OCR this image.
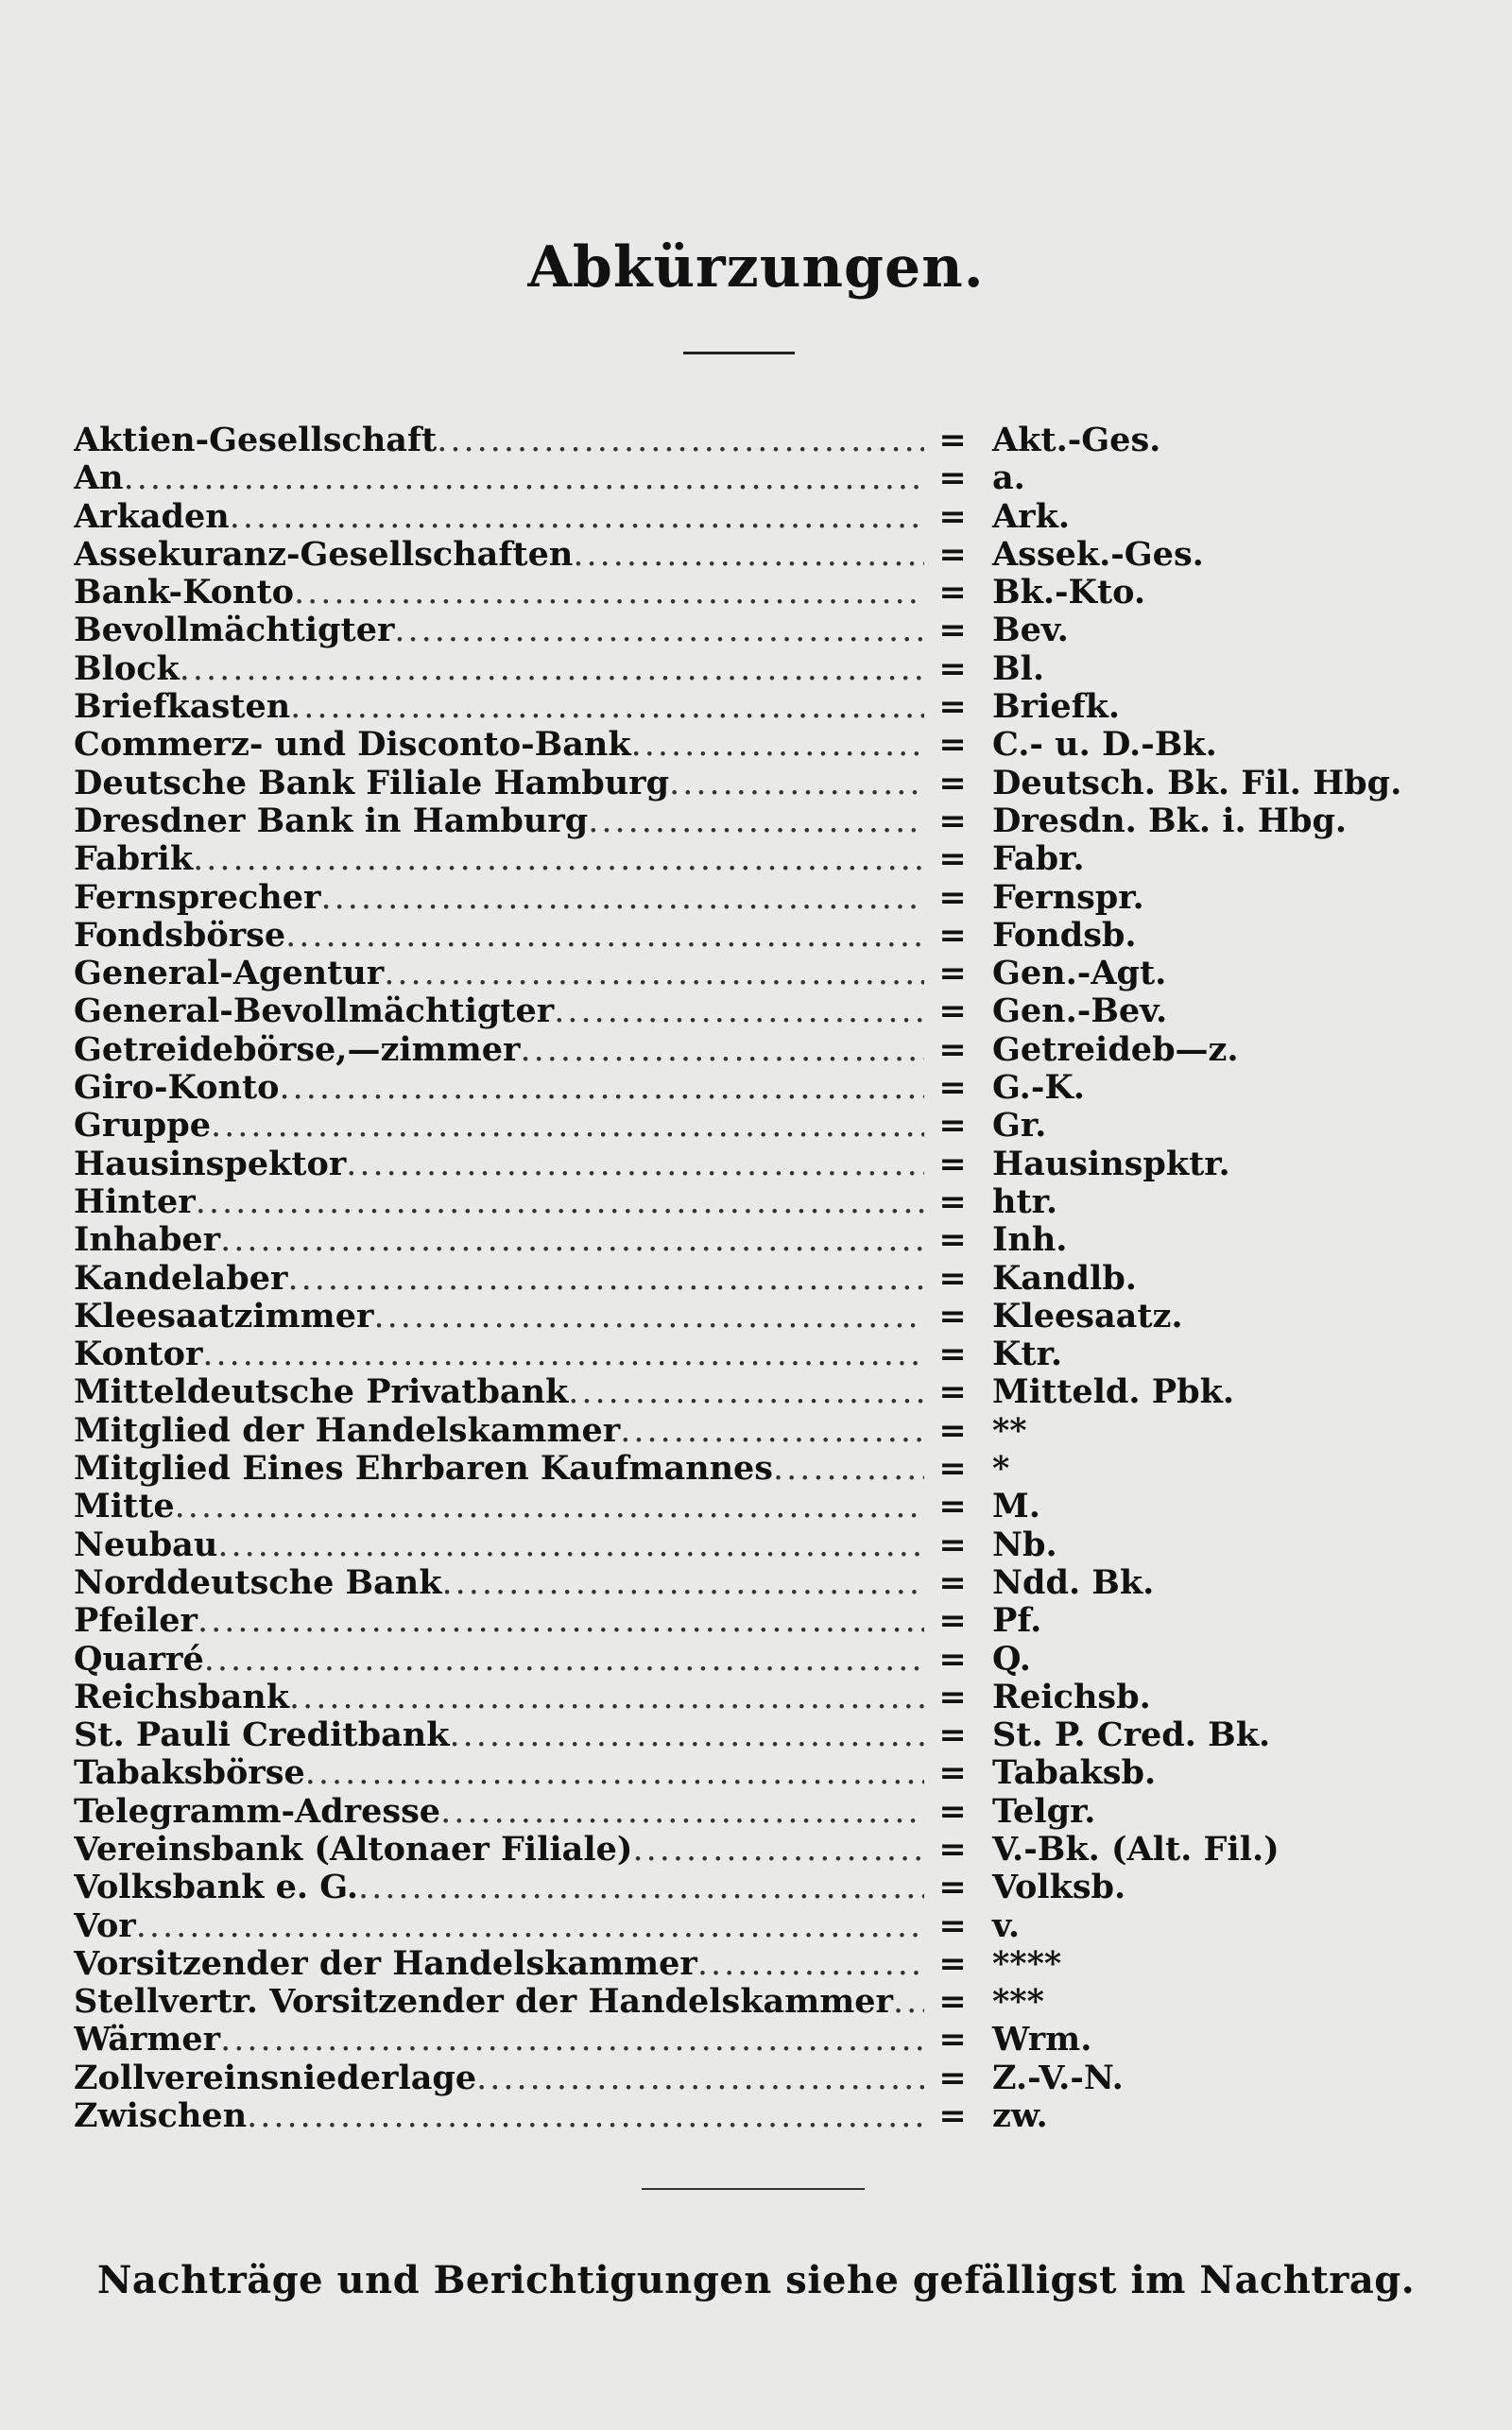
Abkürzungen.
Aktien-Gesellschaft .....	= Akt.-Ges.
An .....	= a.
Arkaden .....	= Ark.
Assekuranz-Gesellschaften .....	= Assek.-Ges.
Bank-Konto .....	= Bk.-Kto.
Bevollmächtigter .....	= Bev.
Block .....	= Bl.
Briefkasten .....	= Briefk.
Commerz- und Disconto-Bank .....	= C.- u. D.-Bk.
Deutsche Bank Filiale Hamburg .....	= Deutsch. Bk. Fil. Hbg.
Dresdner Bank in Hamburg .....	= Dresdn. Bk. i. Hbg.
Fabrik .....	= Fabr.
Fernsprecher .....	= Fernspr.
Fondsbörse .....	= Fondsb.
General-Agentur .....	= Gen.-Agt.
General-Bevollmächtigter .....	= Gen.-Bev.
Getreidebörse,—zimmer .....	= Getreideb—z.
Giro-Konto .....	= G.-K.
Gruppe .....	= Gr.
Hausinspektor .....	= Hausinspktr.
Hinter .....	= htr.
Inhaber .....	= Inh.
Kandelaber .....	= Kandlb.
Kleesaatzimmer .....	= Kleesaatz.
Kontor .....	= Ktr.
Mitteldeutsche Privatbank .....	= Mitteld. Pbk.
Mitglied der Handelskammer .....	= **
Mitglied Eines Ehrbaren Kaufmannes .....	= *
Mitte .....	= M.
Neubau .....	= Nb.
Norddeutsche Bank .....	= Ndd. Bk.
Pfeiler .....	= Pf.
Quarré .....	= Q.
Reichsbank .....	= Reichsb.
St. Pauli Creditbank .....	= St. P. Cred. Bk.
Tabaksbörse .....	= Tabaksb.
Telegramm-Adresse .....	= Telgr.
Vereinsbank (Altonaer Filiale) .....	= V.-Bk. (Alt. Fil.)
Volksbank e. G. .....	= Volksb.
Vor .....	= v.
Vorsitzender der Handelskammer .....	= ****
Stellvertr. Vorsitzender der Handelskammer .....	= ***
Wärmer .....	= Wrm.
Zollvereinsniederlage .....	= Z.-V.-N.
Zwischen .....	= zw.
Nachträge und Berichtigungen siehe gefälligst im Nachtrag.
